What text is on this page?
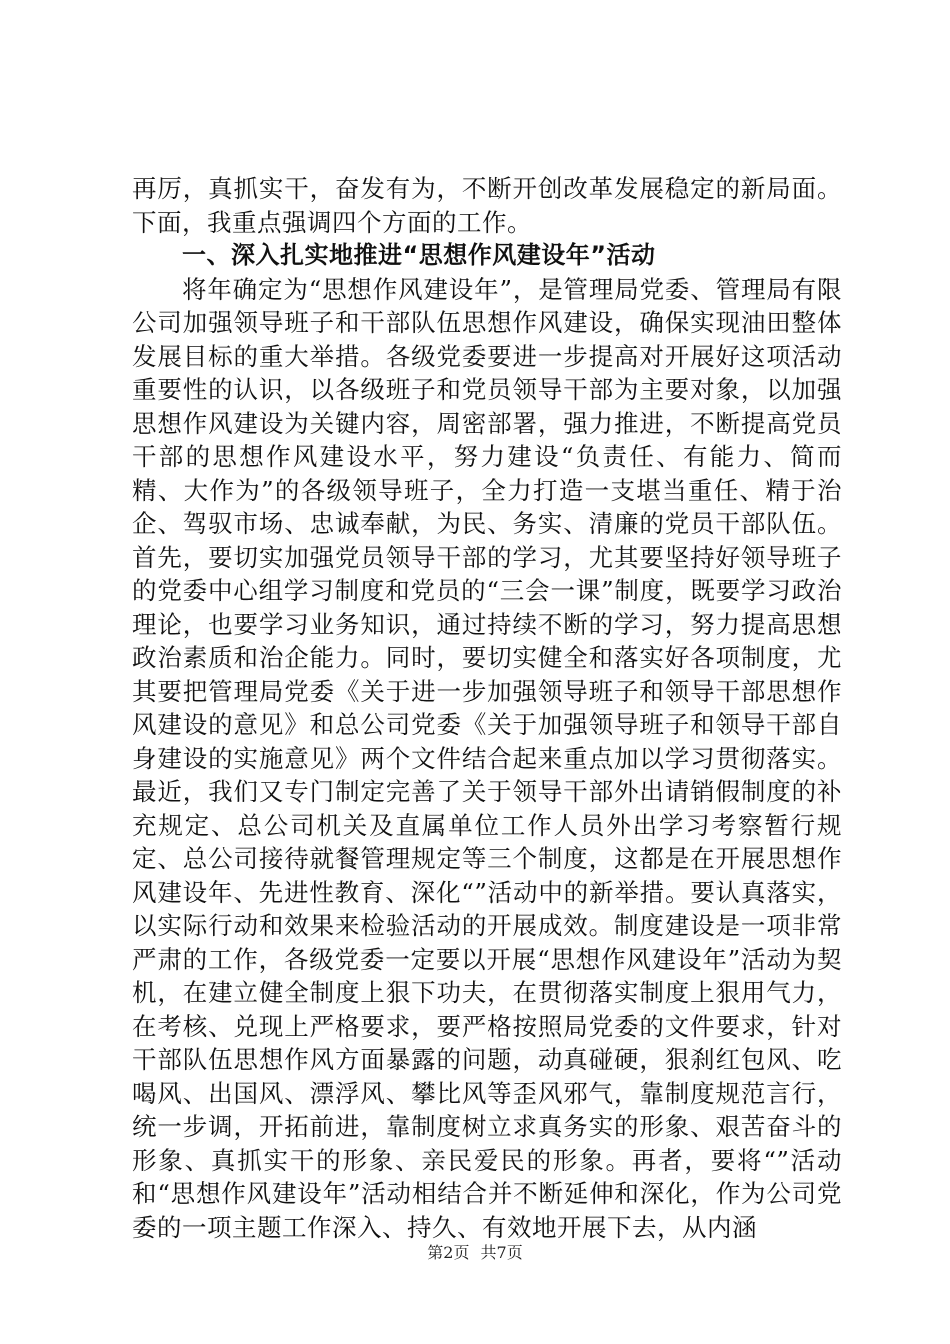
再厉，真抓实干，奋发有为，不断开创改革发展稳定的新局面。下面，我重点强调四个方面的工作。

一、深入扎实地推进“思想作风建设年”活动

将年确定为“思想作风建设年”，是管理局党委、管理局有限公司加强领导班子和干部队伍思想作风建设，确保实现油田整体发展目标的重大举措。各级党委要进一步提高对开展好这项活动重要性的认识，以各级班子和党员领导干部为主要对象，以加强思想作风建设为关键内容，周密部署，强力推进，不断提高党员干部的思想作风建设水平，努力建设“负责任、有能力、简而精、大作为”的各级领导班子，全力打造一支堪当重任、精于治企、驾驭市场、忠诚奉献，为民、务实、清廉的党员干部队伍。首先，要切实加强党员领导干部的学习，尤其要坚持好领导班子的党委中心组学习制度和党员的“三会一课”制度，既要学习政治理论，也要学习业务知识，通过持续不断的学习，努力提高思想政治素质和治企能力。同时，要切实健全和落实好各项制度，尤其要把管理局党委《关于进一步加强领导班子和领导干部思想作风建设的意见》和总公司党委《关于加强领导班子和领导干部自身建设的实施意见》两个文件结合起来重点加以学习贯彻落实。最近，我们又专门制定完善了关于领导干部外出请销假制度的补充规定、总公司机关及直属单位工作人员外出学习考察暂行规定、总公司接待就餐管理规定等三个制度，这都是在开展思想作风建设年、先进性教育、深化“”活动中的新举措。要认真落实，以实际行动和效果来检验活动的开展成效。制度建设是一项非常严肃的工作，各级党委一定要以开展“思想作风建设年”活动为契机，在建立健全制度上狠下功夫，在贯彻落实制度上狠用气力，在考核、兑现上严格要求，要严格按照局党委的文件要求，针对干部队伍思想作风方面暴露的问题，动真碰硬，狠刹红包风、吃喝风、出国风、漂浮风、攀比风等歪风邪气，靠制度规范言行，统一步调，开拓前进，靠制度树立求真务实的形象、艰苦奋斗的形象、真抓实干的形象、亲民爱民的形象。再者，要将“”活动和“思想作风建设年”活动相结合并不断延伸和深化，作为公司党委的一项主题工作深入、持久、有效地开展下去，从内涵

第2页 共7页
